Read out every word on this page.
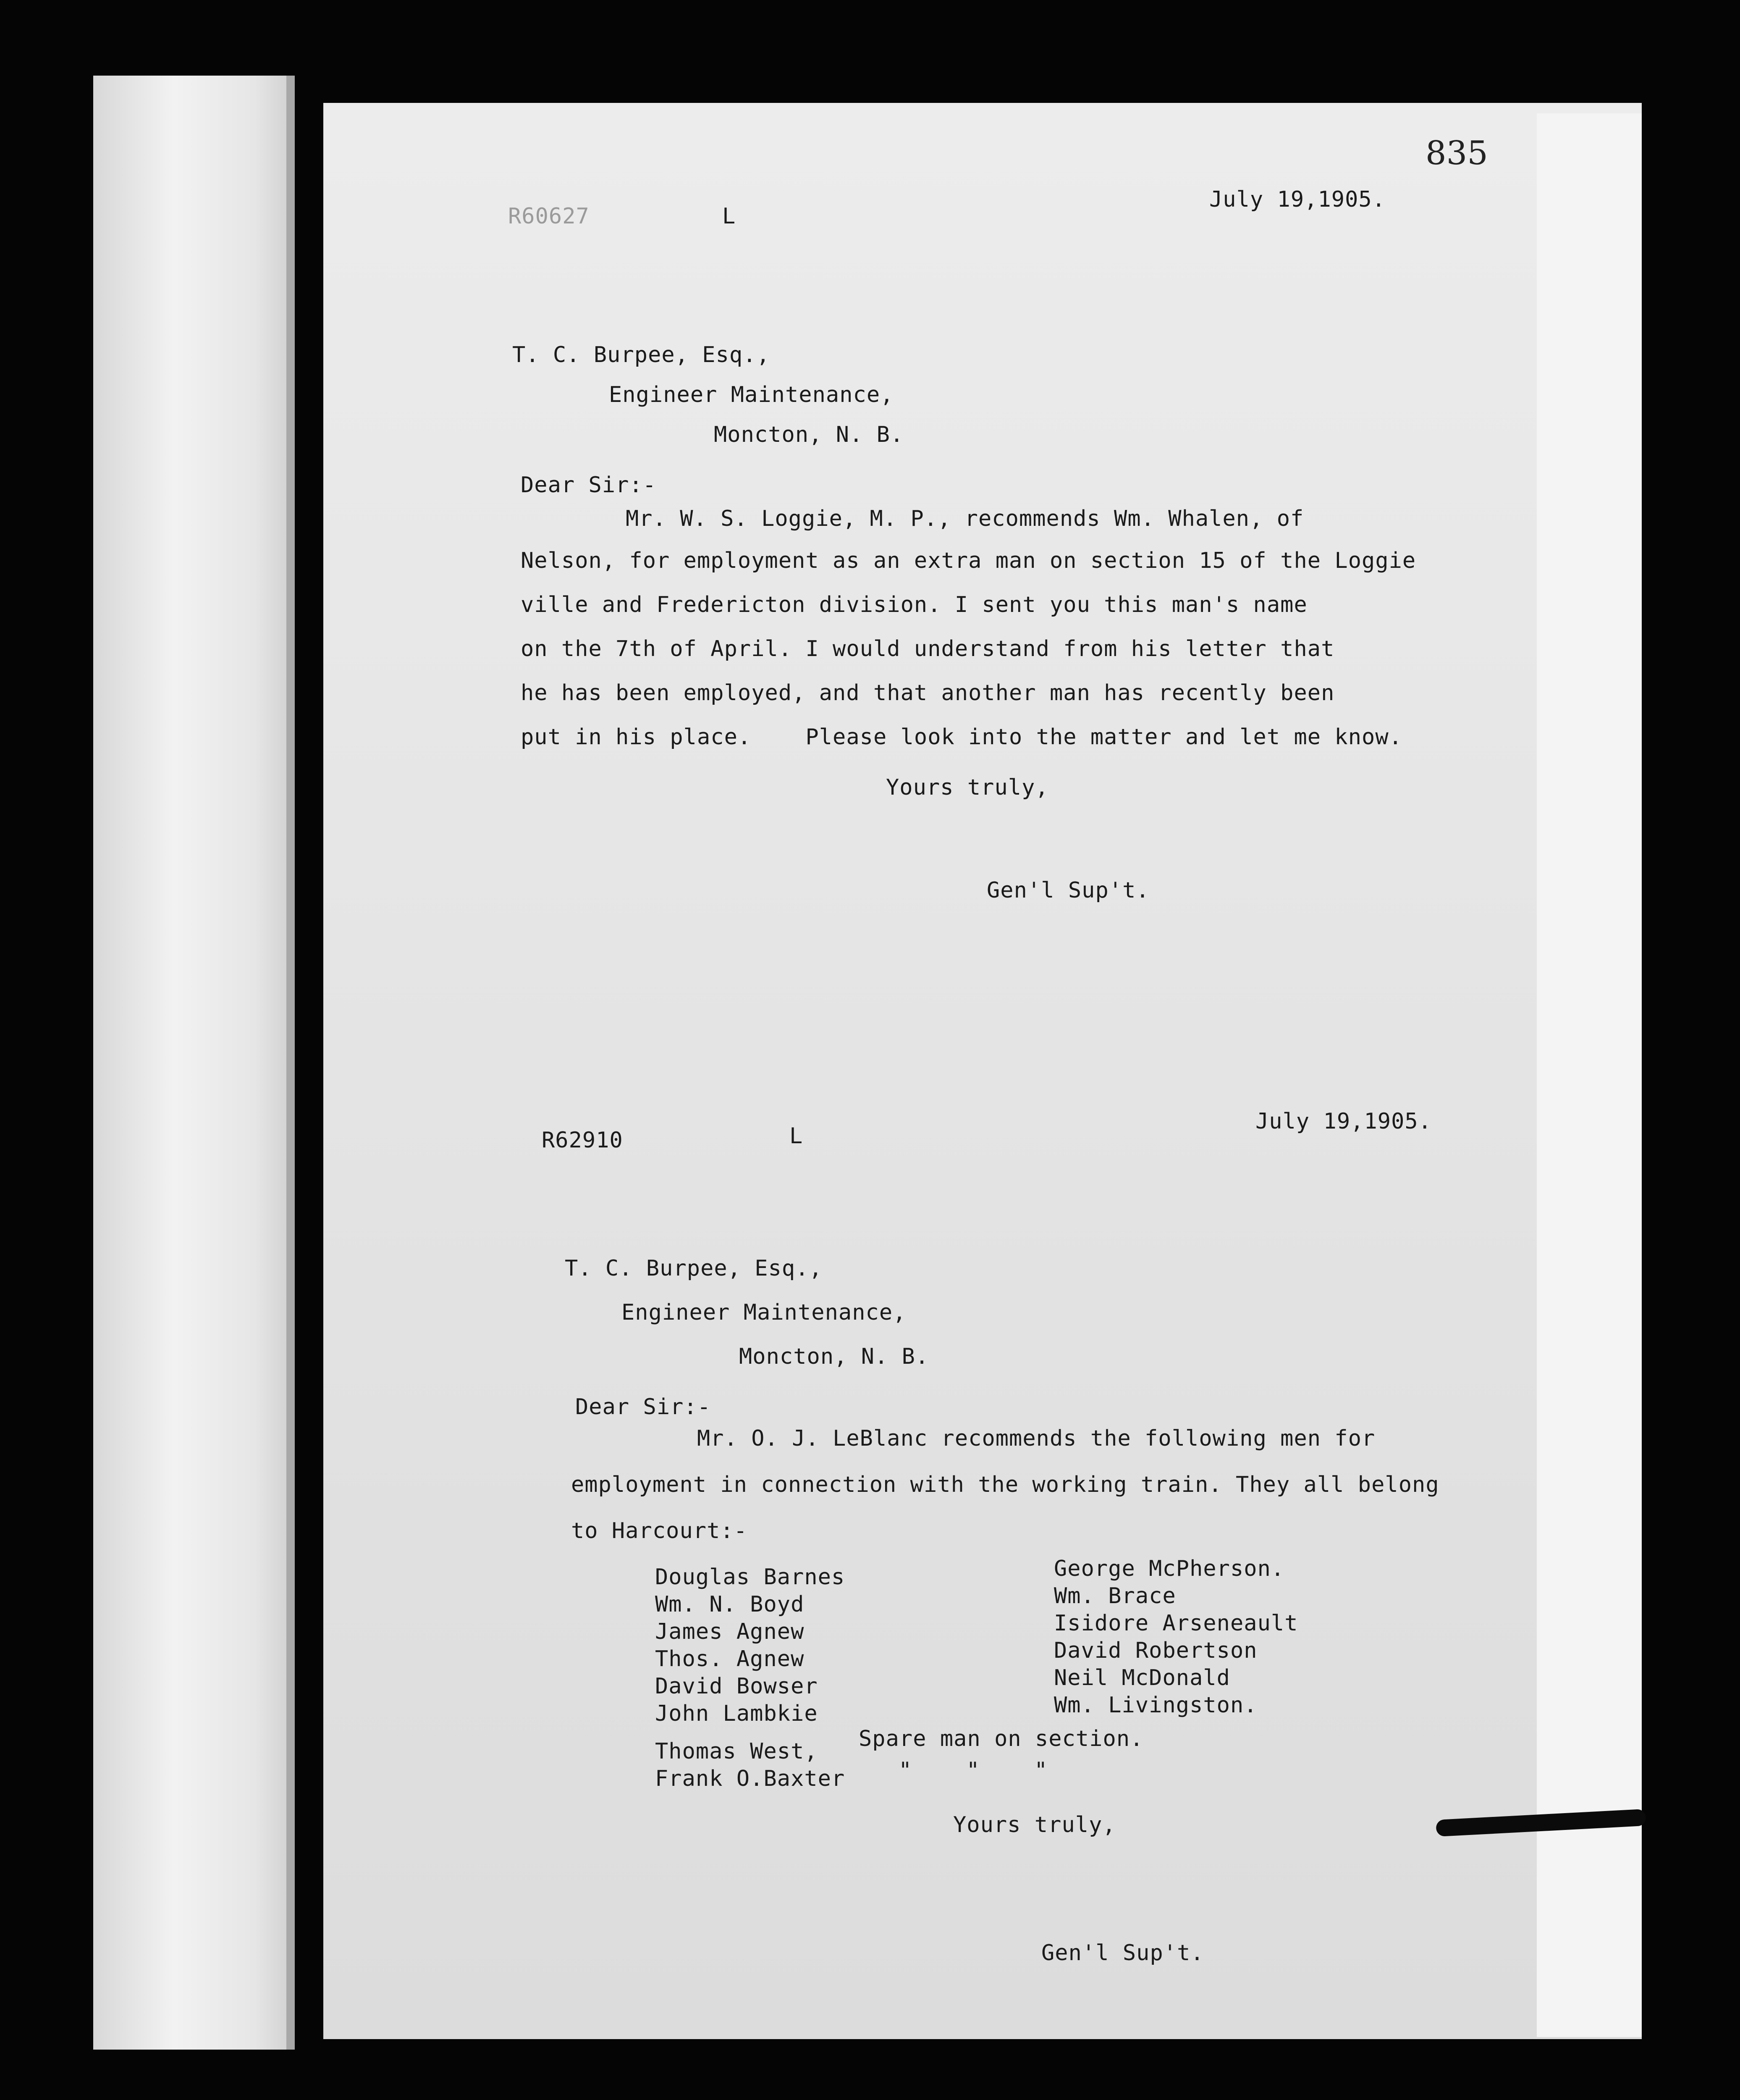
835
R60627	L
July 19,1905.
T. C. Burpee, Esq.,
Engineer Maintenance,
Moncton, N. B.
Dear Sir:-
Mr. W. S. Loggie, M. P., recommends Wm. Whalen, of
Nelson, for employment as an extra man on section 15 of the Loggie
ville and Fredericton division. I sent you this man's name
on the 7th of April. I would understand from his letter that
he has been employed, and that another man has recently been
put in his place.    Please look into the matter and let me know.
Yours truly,
Gen'l Sup't.
R62910	L
July 19,1905.
T. C. Burpee, Esq.,
Engineer Maintenance,
Moncton, N. B.
Dear Sir:-
Mr. O. J. LeBlanc recommends the following men for
employment in connection with the working train. They all belong
to Harcourt:-
Douglas Barnes
Wm. N. Boyd
James Agnew
Thos. Agnew
David Bowser
John Lambkie
George McPherson.
Wm. Brace
Isidore Arseneault
David Robertson
Neil McDonald
Wm. Livingston.
Thomas West,
Frank O.Baxter
Spare man on section.
"    "    "
Yours truly,
Gen'l Sup't.
